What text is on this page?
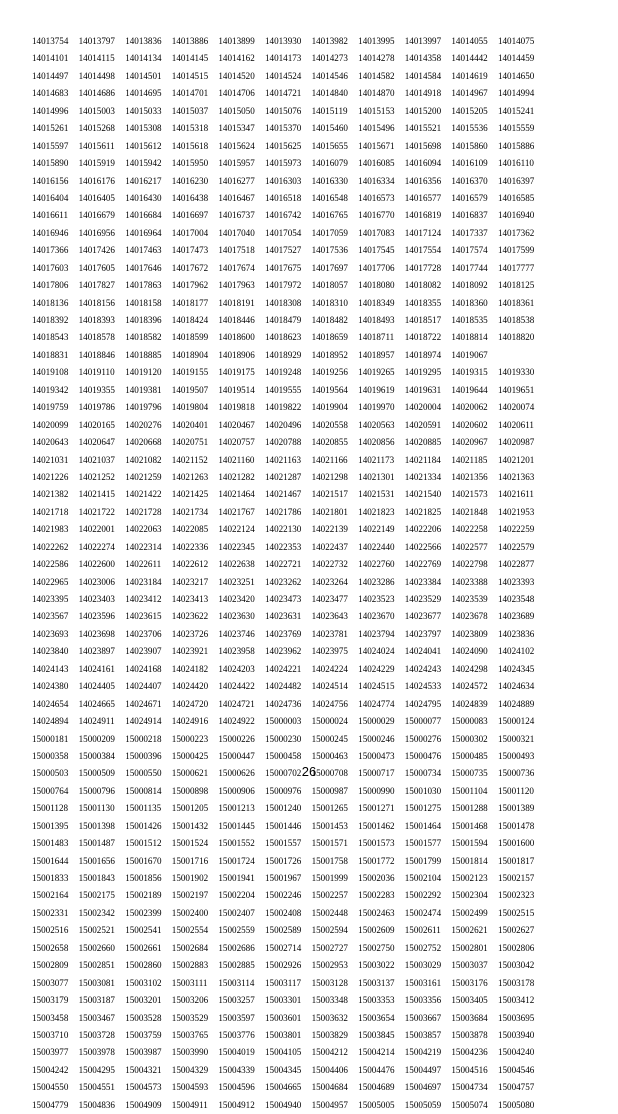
14013754	14013797	14013836	14013886	14013899	14013930	14013982	14013995	14013997	14014055	14014075
14014101	14014115	14014134	14014145	14014162	14014173	14014273	14014278	14014358	14014442	14014459
14014497	14014498	14014501	14014515	14014520	14014524	14014546	14014582	14014584	14014619	14014650
14014683	14014686	14014695	14014701	14014706	14014721	14014840	14014870	14014918	14014967	14014994
14014996	14015003	14015033	14015037	14015050	14015076	14015119	14015153	14015200	14015205	14015241
14015261	14015268	14015308	14015318	14015347	14015370	14015460	14015496	14015521	14015536	14015559
14015597	14015611	14015612	14015618	14015624	14015625	14015655	14015671	14015698	14015860	14015886
14015890	14015919	14015942	14015950	14015957	14015973	14016079	14016085	14016094	14016109	14016110
14016156	14016176	14016217	14016230	14016277	14016303	14016330	14016334	14016356	14016370	14016397
14016404	14016405	14016430	14016438	14016467	14016518	14016548	14016573	14016577	14016579	14016585
14016611	14016679	14016684	14016697	14016737	14016742	14016765	14016770	14016819	14016837	14016940
14016946	14016956	14016964	14017004	14017040	14017054	14017059	14017083	14017124	14017337	14017362
14017366	14017426	14017463	14017473	14017518	14017527	14017536	14017545	14017554	14017574	14017599
14017603	14017605	14017646	14017672	14017674	14017675	14017697	14017706	14017728	14017744	14017777
14017806	14017827	14017863	14017962	14017963	14017972	14018057	14018080	14018082	14018092	14018125
14018136	14018156	14018158	14018177	14018191	14018308	14018310	14018349	14018355	14018360	14018361
14018392	14018393	14018396	14018424	14018446	14018479	14018482	14018493	14018517	14018535	14018538
14018543	14018578	14018582	14018599	14018600	14018623	14018659	14018711	14018722	14018814	14018820
14018831	14018846	14018885	14018904	14018906	14018929	14018952	14018957	14018974	14019067
14019108	14019110	14019120	14019155	14019175	14019248	14019256	14019265	14019295	14019315	14019330
14019342	14019355	14019381	14019507	14019514	14019555	14019564	14019619	14019631	14019644	14019651
14019759	14019786	14019796	14019804	14019818	14019822	14019904	14019970	14020004	14020062	14020074
14020099	14020165	14020276	14020401	14020467	14020496	14020558	14020563	14020591	14020602	14020611
14020643	14020647	14020668	14020751	14020757	14020788	14020855	14020856	14020885	14020967	14020987
14021031	14021037	14021082	14021152	14021160	14021163	14021166	14021173	14021184	14021185	14021201
14021226	14021252	14021259	14021263	14021282	14021287	14021298	14021301	14021334	14021356	14021363
14021382	14021415	14021422	14021425	14021464	14021467	14021517	14021531	14021540	14021573	14021611
14021718	14021722	14021728	14021734	14021767	14021786	14021801	14021823	14021825	14021848	14021953
14021983	14022001	14022063	14022085	14022124	14022130	14022139	14022149	14022206	14022258	14022259
14022262	14022274	14022314	14022336	14022345	14022353	14022437	14022440	14022566	14022577	14022579
14022586	14022600	14022611	14022612	14022638	14022721	14022732	14022760	14022769	14022798	14022877
14022965	14023006	14023184	14023217	14023251	14023262	14023264	14023286	14023384	14023388	14023393
14023395	14023403	14023412	14023413	14023420	14023473	14023477	14023523	14023529	14023539	14023548
14023567	14023596	14023615	14023622	14023630	14023631	14023643	14023670	14023677	14023678	14023689
14023693	14023698	14023706	14023726	14023746	14023769	14023781	14023794	14023797	14023809	14023836
14023840	14023897	14023907	14023921	14023958	14023962	14023975	14024024	14024041	14024090	14024102
14024143	14024161	14024168	14024182	14024203	14024221	14024224	14024229	14024243	14024298	14024345
14024380	14024405	14024407	14024420	14024422	14024482	14024514	14024515	14024533	14024572	14024634
14024654	14024665	14024671	14024720	14024721	14024736	14024756	14024774	14024795	14024839	14024889
14024894	14024911	14024914	14024916	14024922	15000003	15000024	15000029	15000077	15000083	15000124
15000181	15000209	15000218	15000223	15000226	15000230	15000245	15000246	15000276	15000302	15000321
15000358	15000384	15000396	15000425	15000447	15000458	15000463	15000473	15000476	15000485	15000493
15000503	15000509	15000550	15000621	15000626	15000702	15000708	15000717	15000734	15000735	15000736
15000764	15000796	15000814	15000898	15000906	15000976	15000987	15000990	15001030	15001104	15001120
15001128	15001130	15001135	15001205	15001213	15001240	15001265	15001271	15001275	15001288	15001389
15001395	15001398	15001426	15001432	15001445	15001446	15001453	15001462	15001464	15001468	15001478
15001483	15001487	15001512	15001524	15001552	15001557	15001571	15001573	15001577	15001594	15001600
15001644	15001656	15001670	15001716	15001724	15001726	15001758	15001772	15001799	15001814	15001817
15001833	15001843	15001856	15001902	15001941	15001967	15001999	15002036	15002104	15002123	15002157
15002164	15002175	15002189	15002197	15002204	15002246	15002257	15002283	15002292	15002304	15002323
15002331	15002342	15002399	15002400	15002407	15002408	15002448	15002463	15002474	15002499	15002515
15002516	15002521	15002541	15002554	15002559	15002589	15002594	15002609	15002611	15002621	15002627
15002658	15002660	15002661	15002684	15002686	15002714	15002727	15002750	15002752	15002801	15002806
15002809	15002851	15002860	15002883	15002885	15002926	15002953	15003022	15003029	15003037	15003042
15003077	15003081	15003102	15003111	15003114	15003117	15003128	15003137	15003161	15003176	15003178
15003179	15003187	15003201	15003206	15003257	15003301	15003348	15003353	15003356	15003405	15003412
15003458	15003467	15003528	15003529	15003597	15003601	15003632	15003654	15003667	15003684	15003695
15003710	15003728	15003759	15003765	15003776	15003801	15003829	15003845	15003857	15003878	15003940
15003977	15003978	15003987	15003990	15004019	15004105	15004212	15004214	15004219	15004236	15004240
15004242	15004295	15004321	15004329	15004339	15004345	15004406	15004476	15004497	15004516	15004546
15004550	15004551	15004573	15004593	15004596	15004665	15004684	15004689	15004697	15004734	15004757
15004779	15004836	15004909	15004911	15004912	15004940	15004957	15005005	15005059	15005074	15005080
26
